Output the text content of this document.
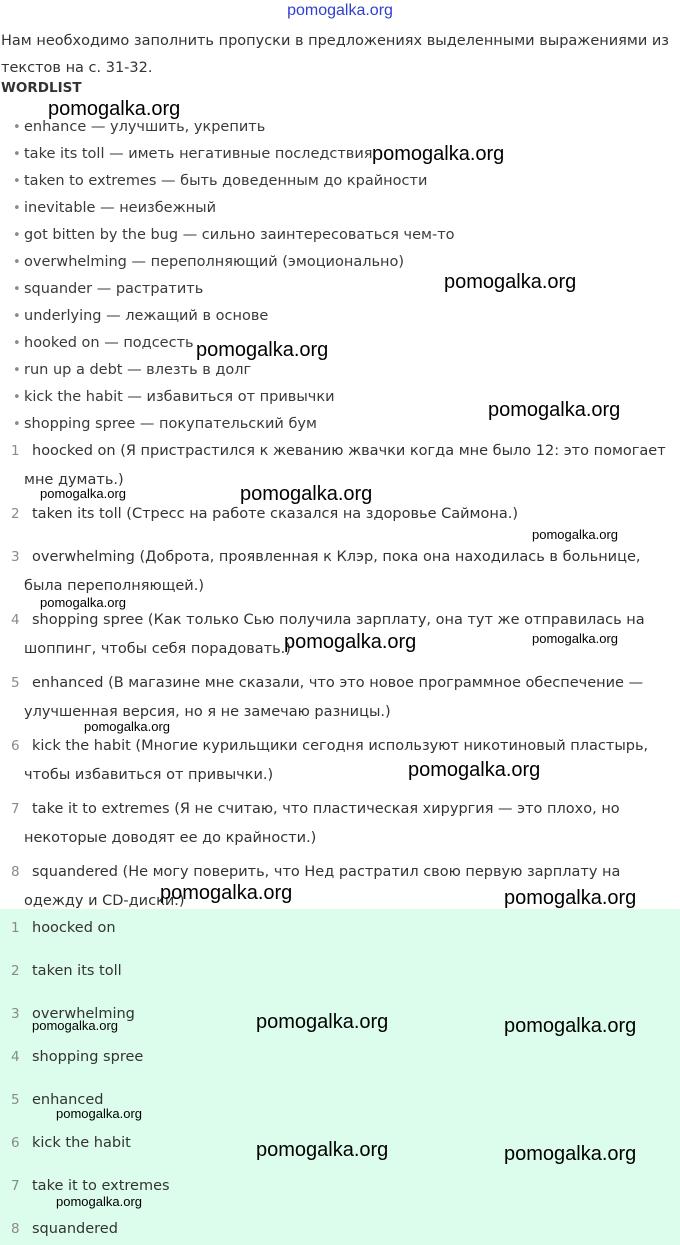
pomogalka.org
Нам необходимо заполнить пропуски в предложениях выделенными выражениями из текстов на с. 31-32.
WORDLIST
• enhance — улучшить, укрепить
• take its toll — иметь негативные последствия
• taken to extremes — быть доведенным до крайности
• inevitable — неизбежный
• got bitten by the bug — сильно заинтересоваться чем-то
• overwhelming — переполняющий (эмоционально)
• squander — растратить
• underlying — лежащий в основе
• hooked on — подсесть
• run up a debt — влезть в долг
• kick the habit — избавиться от привычки
• shopping spree — покупательский бум
1 hoocked on (Я пристрастился к жеванию жвачки когда мне было 12: это помогает мне думать.)
2 taken its toll (Стресс на работе сказался на здоровье Саймона.)
3 overwhelming (Доброта, проявленная к Клэр, пока она находилась в больнице, была переполняющей.)
4 shopping spree (Как только Сью получила зарплату, она тут же отправилась на шоппинг, чтобы себя порадовать.)
5 enhanced (В магазине мне сказали, что это новое программное обеспечение — улучшенная версия, но я не замечаю разницы.)
6 kick the habit (Многие курильщики сегодня используют никотиновый пластырь, чтобы избавиться от привычки.)
7 take it to extremes (Я не считаю, что пластическая хирургия — это плохо, но некоторые доводят ее до крайности.)
8 squandered (Не могу поверить, что Нед растратил свою первую зарплату на одежду и CD-диски.)
1 hoocked on
2 taken its toll
3 overwhelming
4 shopping spree
5 enhanced
6 kick the habit
7 take it to extremes
8 squandered
pomogalka.org
pomogalka.org
pomogalka.org
pomogalka.org
pomogalka.org
pomogalka.org	pomogalka.org
pomogalka.org
pomogalka.org
pomogalka.org	pomogalka.org
pomogalka.org
pomogalka.org
pomogalka.org	pomogalka.org
pomogalka.org	pomogalka.org	pomogalka.org
pomogalka.org
pomogalka.org	pomogalka.org
pomogalka.org
